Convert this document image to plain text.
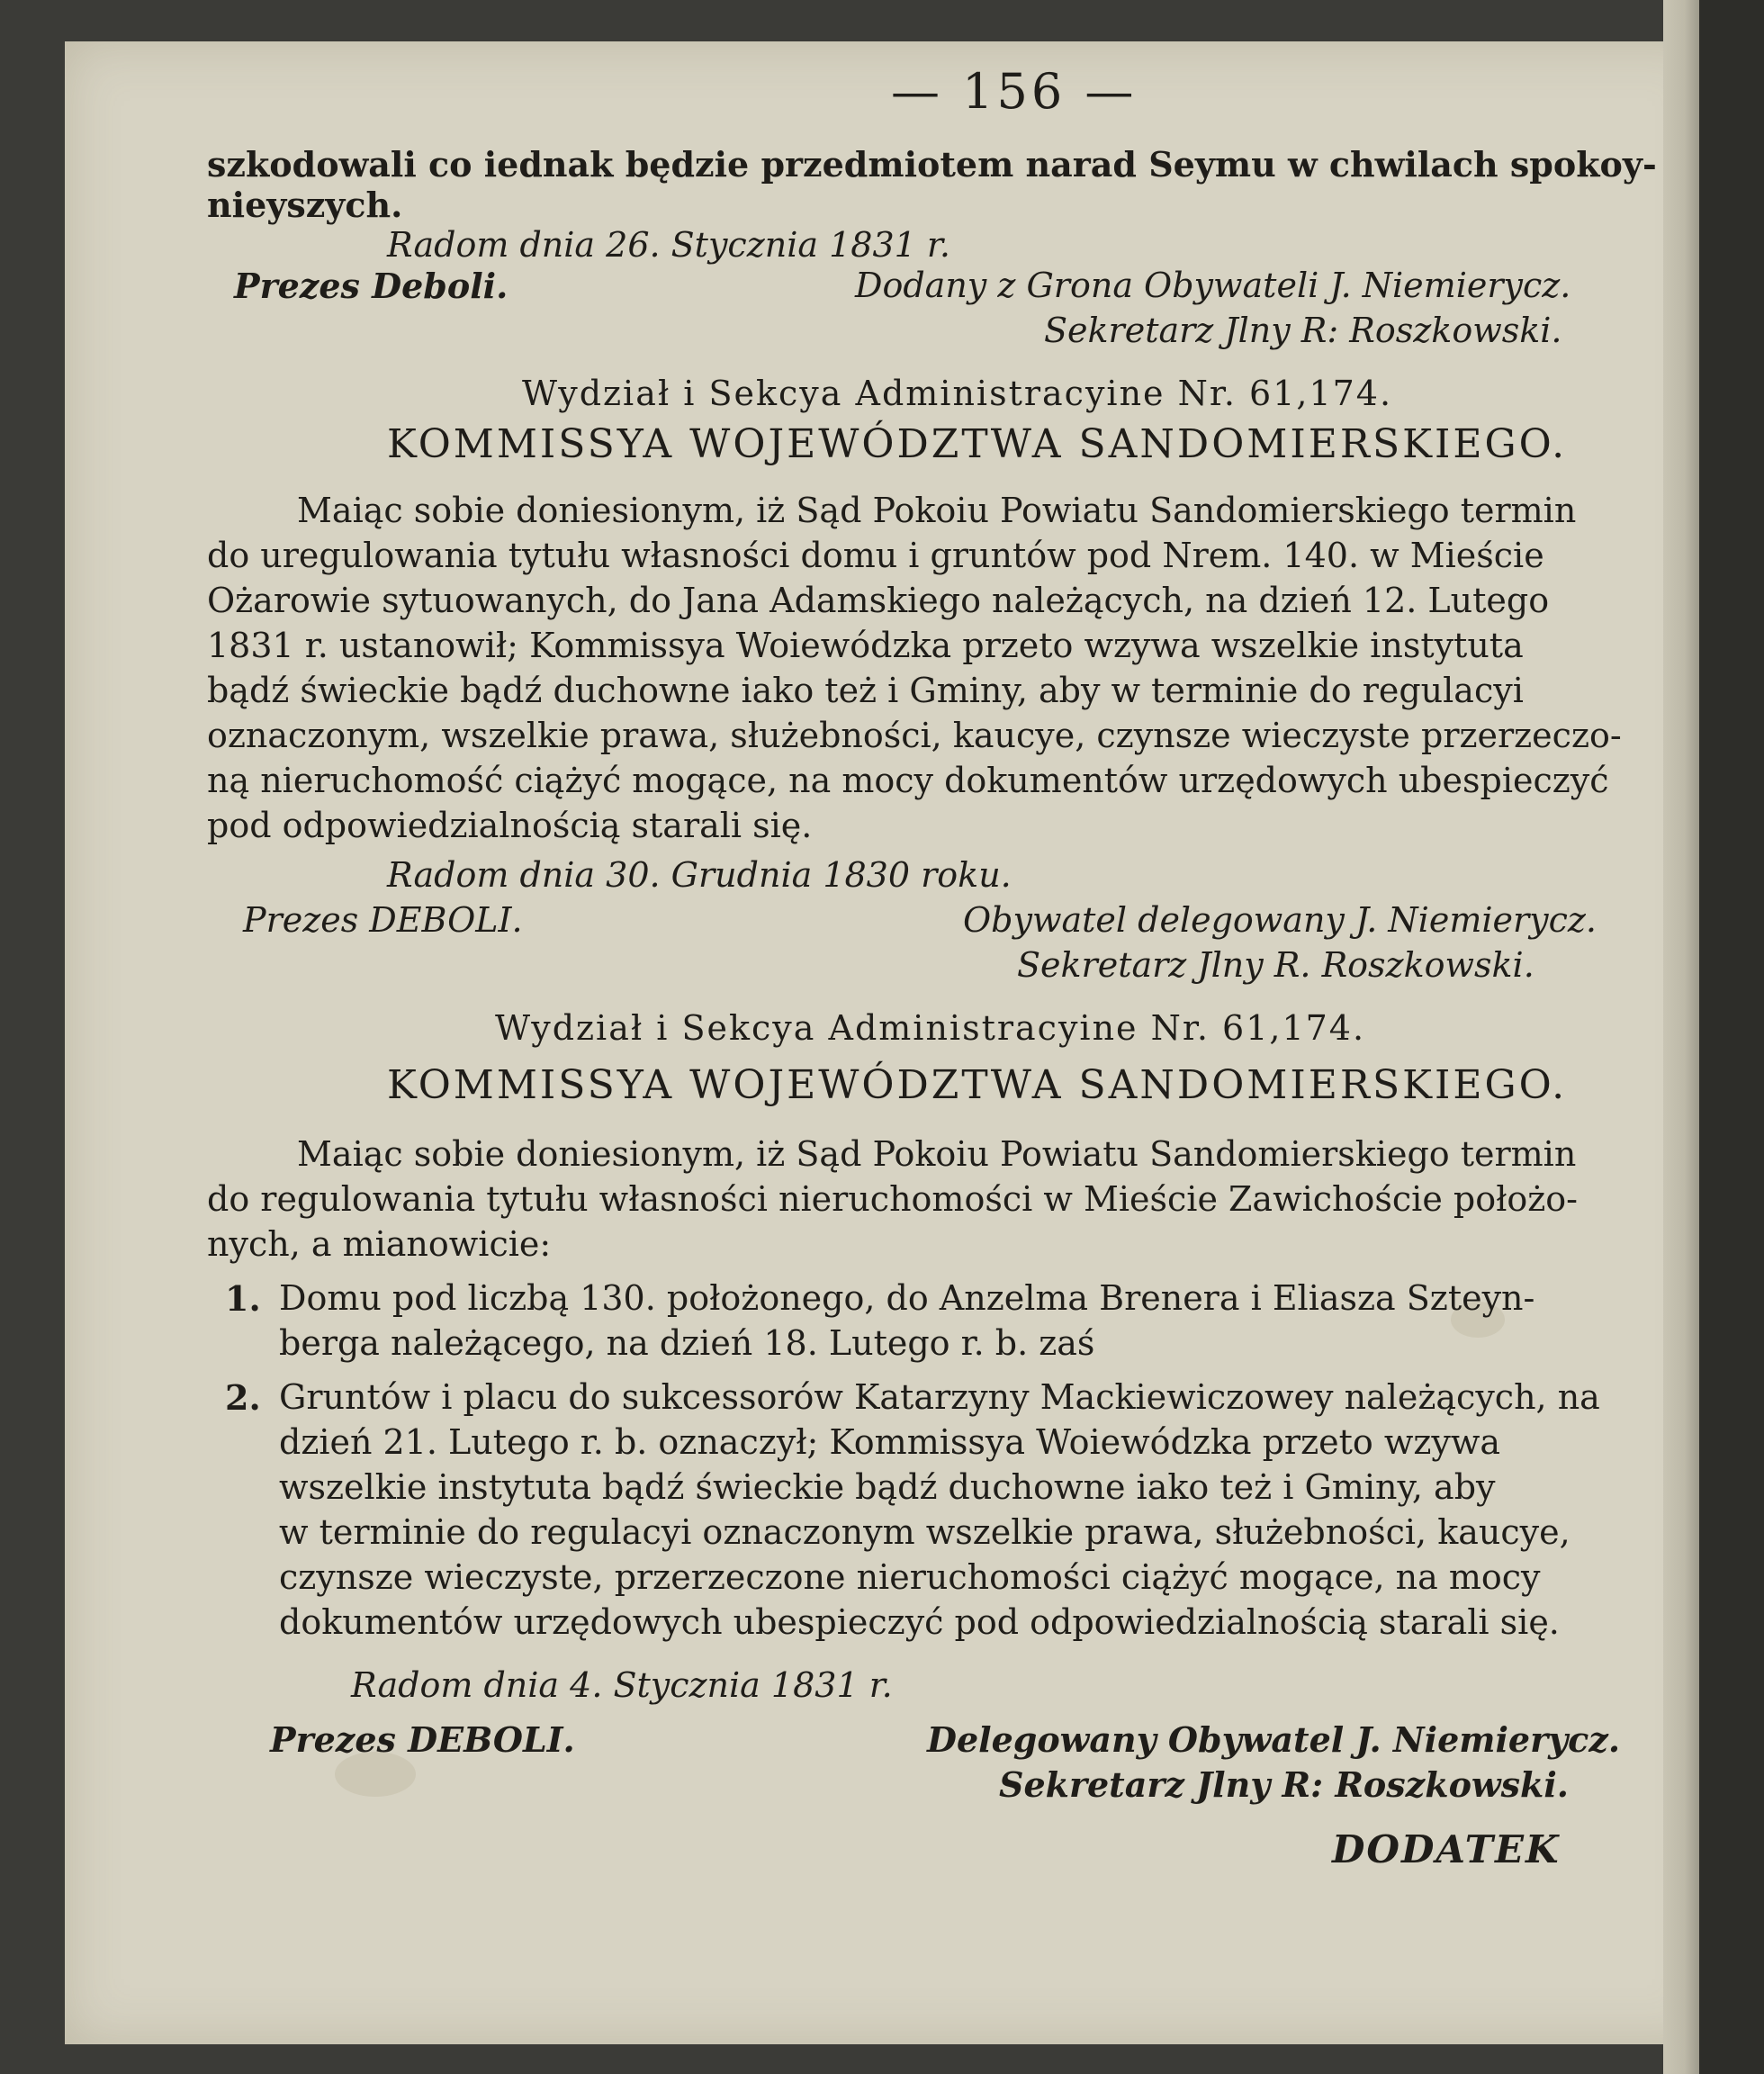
— 156 —
szkodowali co iednak będzie przedmiotem narad Seymu w chwilach spokoy-
nieyszych.
Radom dnia 26. Stycznia 1831 r.
Prezes Deboli.	Dodany z Grona Obywateli J. Niemierycz.
Sekretarz Jlny R: Roszkowski.
Wydział i Sekcya Administracyine Nr. 61,174.
KOMMISSYA WOJEWÓDZTWA SANDOMIERSKIEGO.
Maiąc sobie doniesionym, iż Sąd Pokoiu Powiatu Sandomierskiego termin
do uregulowania tytułu własności domu i gruntów pod Nrem. 140. w Mieście
Ożarowie sytuowanych, do Jana Adamskiego należących, na dzień 12. Lutego
1831 r. ustanowił; Kommissya Woiewódzka przeto wzywa wszelkie instytuta
bądź świeckie bądź duchowne iako też i Gminy, aby w terminie do regulacyi
oznaczonym, wszelkie prawa, służebności, kaucye, czynsze wieczyste przerzeczo-
ną nieruchomość ciążyć mogące, na mocy dokumentów urzędowych ubespieczyć
pod odpowiedzialnością starali się.
Radom dnia 30. Grudnia 1830 roku.
Prezes DEBOLI.	Obywatel delegowany J. Niemierycz.
Sekretarz Jlny R. Roszkowski.
Wydział i Sekcya Administracyine Nr. 61,174.
KOMMISSYA WOJEWÓDZTWA SANDOMIERSKIEGO.
Maiąc sobie doniesionym, iż Sąd Pokoiu Powiatu Sandomierskiego termin
do regulowania tytułu własności nieruchomości w Mieście Zawichoście położo-
nych, a mianowicie:
1. Domu pod liczbą 130. położonego, do Anzelma Brenera i Eliasza Szteyn-
berga należącego, na dzień 18. Lutego r. b. zaś
2. Gruntów i placu do sukcessorów Katarzyny Mackiewiczowey należących, na
dzień 21. Lutego r. b. oznaczył; Kommissya Woiewódzka przeto wzywa
wszelkie instytuta bądź świeckie bądź duchowne iako też i Gminy, aby
w terminie do regulacyi oznaczonym wszelkie prawa, służebności, kaucye,
czynsze wieczyste, przerzeczone nieruchomości ciążyć mogące, na mocy
dokumentów urzędowych ubespieczyć pod odpowiedzialnością starali się.
Radom dnia 4. Stycznia 1831 r.
Prezes DEBOLI.	Delegowany Obywatel J. Niemierycz.
Sekretarz Jlny R: Roszkowski.
DODATEK
